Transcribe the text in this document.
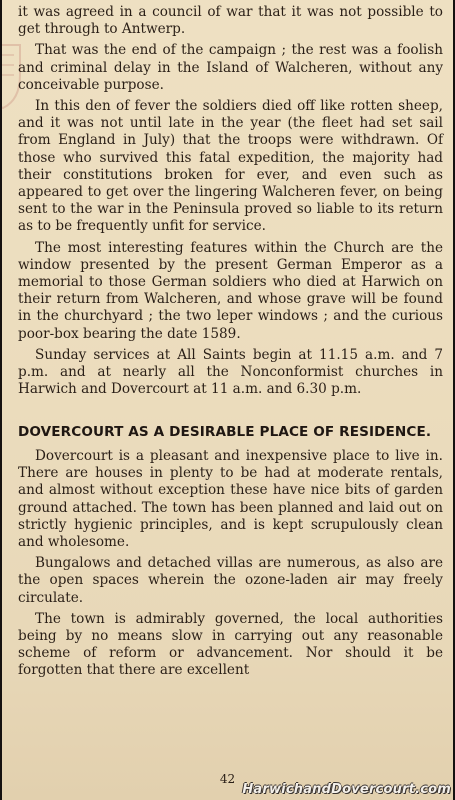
it was agreed in a council of war that it was not possible to get through to Antwerp.

That was the end of the campaign ; the rest was a foolish and criminal delay in the Island of Walcheren, without any conceivable purpose.

In this den of fever the soldiers died off like rotten sheep, and it was not until late in the year (the fleet had set sail from England in July) that the troops were withdrawn. Of those who survived this fatal expedition, the majority had their constitutions broken for ever, and even such as appeared to get over the lingering Walcheren fever, on being sent to the war in the Peninsula proved so liable to its return as to be frequently unfit for service.

The most interesting features within the Church are the window presented by the present German Emperor as a memorial to those German soldiers who died at Harwich on their return from Walcheren, and whose grave will be found in the churchyard ; the two leper windows ; and the curious poor-box bearing the date 1589.

Sunday services at All Saints begin at 11.15 a.m. and 7 p.m. and at nearly all the Nonconformist churches in Harwich and Dovercourt at 11 a.m. and 6.30 p.m.

DOVERCOURT AS A DESIRABLE PLACE OF RESIDENCE.

Dovercourt is a pleasant and inexpensive place to live in. There are houses in plenty to be had at moderate rentals, and almost without exception these have nice bits of garden ground attached. The town has been planned and laid out on strictly hygienic principles, and is kept scrupulously clean and wholesome.

Bungalows and detached villas are numerous, as also are the open spaces wherein the ozone-laden air may freely circulate.

The town is admirably governed, the local authorities being by no means slow in carrying out any reasonable scheme of reform or advancement. Nor should it be forgotten that there are excellent

42
HarwichandDovercourt.com
